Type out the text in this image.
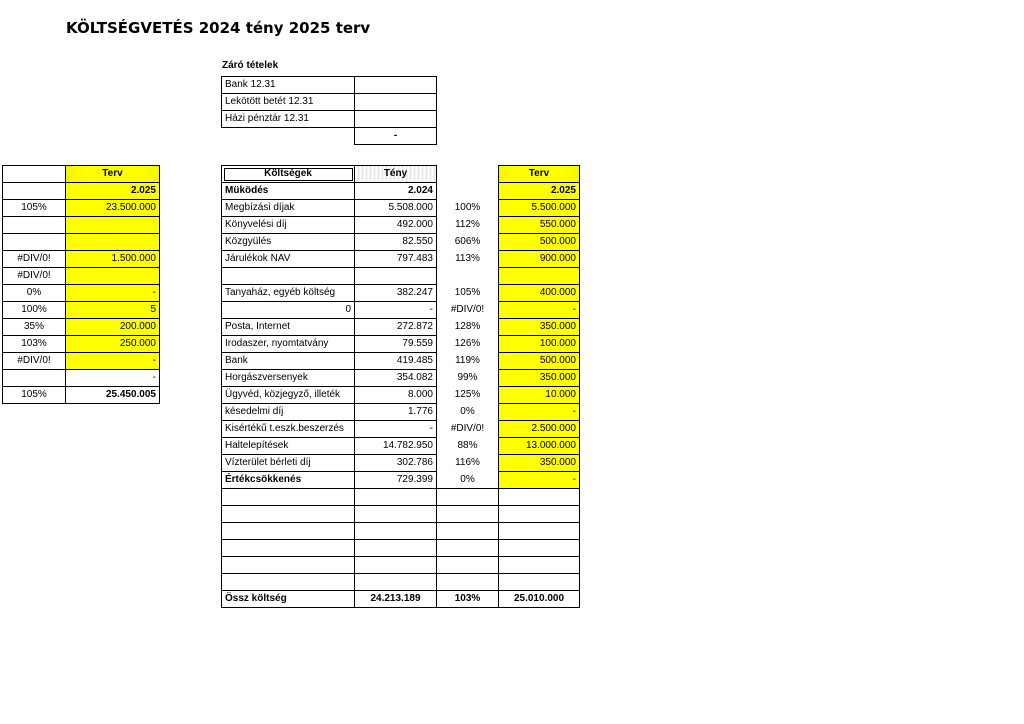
KÖLTSÉGVETÉS 2024 tény 2025 terv
Záró tételek
Bank 12.31	
Lekötött betét 12.31	
Házi pénztár 12.31	
	-
	Terv
	2.025
105%	23.500.000

#DIV/0!	1.500.000
#DIV/0!	
0%	-
100%	5
35%	200.000
103%	250.000
#DIV/0!	-
	-
105%	25.450.005
Költségek	Tény		Terv
Müködés	2.024		2.025
Megbízási díjak	5.508.000	100%	5.500.000
Könyvelési díj	492.000	112%	550.000
Közgyülés	82.550	606%	500.000
Járulékok NAV	797.483	113%	900.000

Tanyaház, egyéb költség	382.247	105%	400.000
0	-	#DIV/0!	-
Posta, Internet	272.872	128%	350.000
Irodaszer, nyomtatvány	79.559	126%	100.000
Bank	419.485	119%	500.000
Horgászversenyek	354.082	99%	350.000
Ügyvéd, közjegyző, illeték	8.000	125%	10.000
késedelmi díj	1.776	0%	-
Kisértékű t.eszk.beszerzés	-	#DIV/0!	2.500.000
Haltelepítések	14.782.950	88%	13.000.000
Vízterület bérleti díj	302.786	116%	350.000
Értékcsökkenés	729.399	0%	-

Össz költség	24.213.189	103%	25.010.000
